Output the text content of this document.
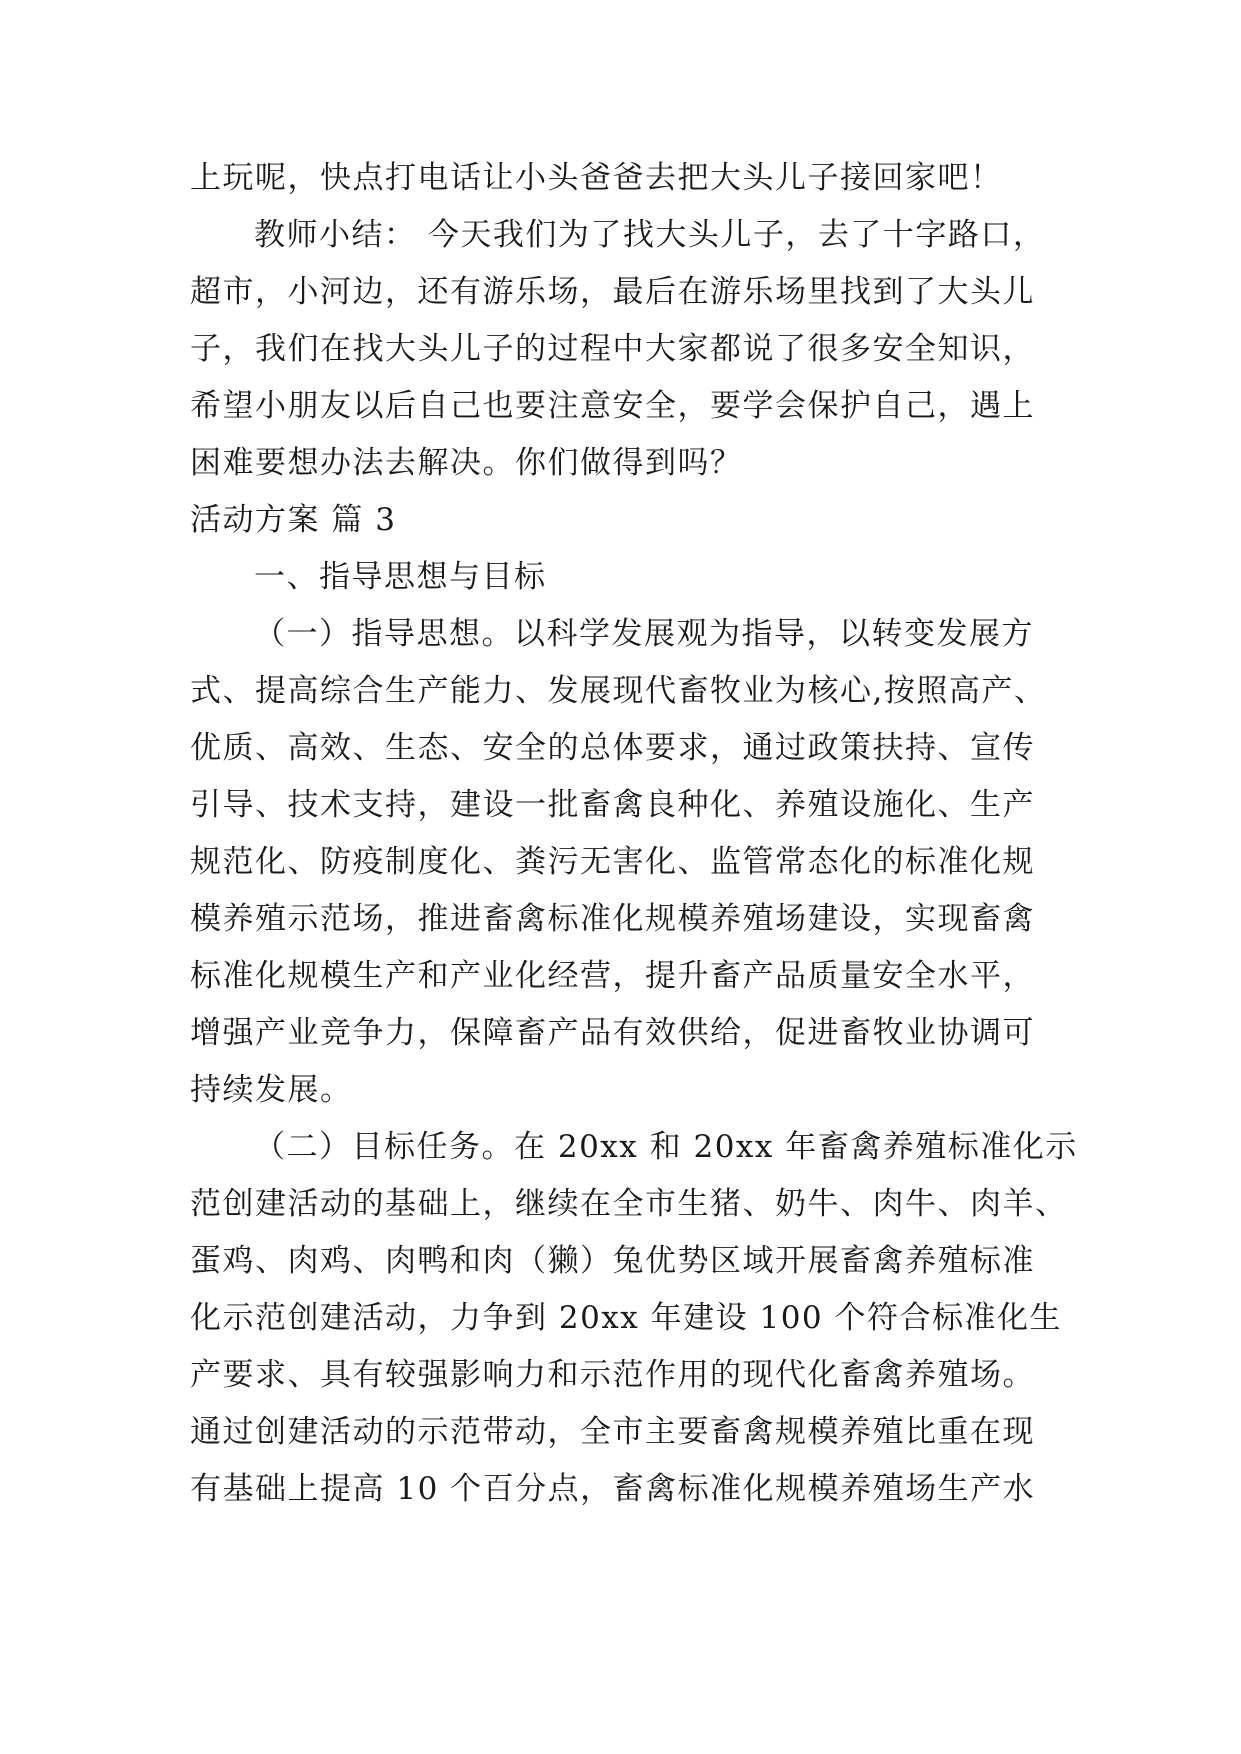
上玩呢，快点打电话让小头爸爸去把大头儿子接回家吧！
教师小结： 今天我们为了找大头儿子，去了十字路口，
超市，小河边，还有游乐场，最后在游乐场里找到了大头儿
子，我们在找大头儿子的过程中大家都说了很多安全知识，
希望小朋友以后自己也要注意安全，要学会保护自己，遇上
困难要想办法去解决。你们做得到吗？
活动方案 篇 3
一、指导思想与目标
（一）指导思想。以科学发展观为指导，以转变发展方
式、提高综合生产能力、发展现代畜牧业为核心,按照高产、
优质、高效、生态、安全的总体要求，通过政策扶持、宣传
引导、技术支持，建设一批畜禽良种化、养殖设施化、生产
规范化、防疫制度化、粪污无害化、监管常态化的标准化规
模养殖示范场，推进畜禽标准化规模养殖场建设，实现畜禽
标准化规模生产和产业化经营，提升畜产品质量安全水平，
增强产业竞争力，保障畜产品有效供给，促进畜牧业协调可
持续发展。
（二）目标任务。在 20xx 和 20xx 年畜禽养殖标准化示
范创建活动的基础上，继续在全市生猪、奶牛、肉牛、肉羊、
蛋鸡、肉鸡、肉鸭和肉（獭）兔优势区域开展畜禽养殖标准
化示范创建活动，力争到 20xx 年建设 100 个符合标准化生
产要求、具有较强影响力和示范作用的现代化畜禽养殖场。
通过创建活动的示范带动，全市主要畜禽规模养殖比重在现
有基础上提高 10 个百分点，畜禽标准化规模养殖场生产水
